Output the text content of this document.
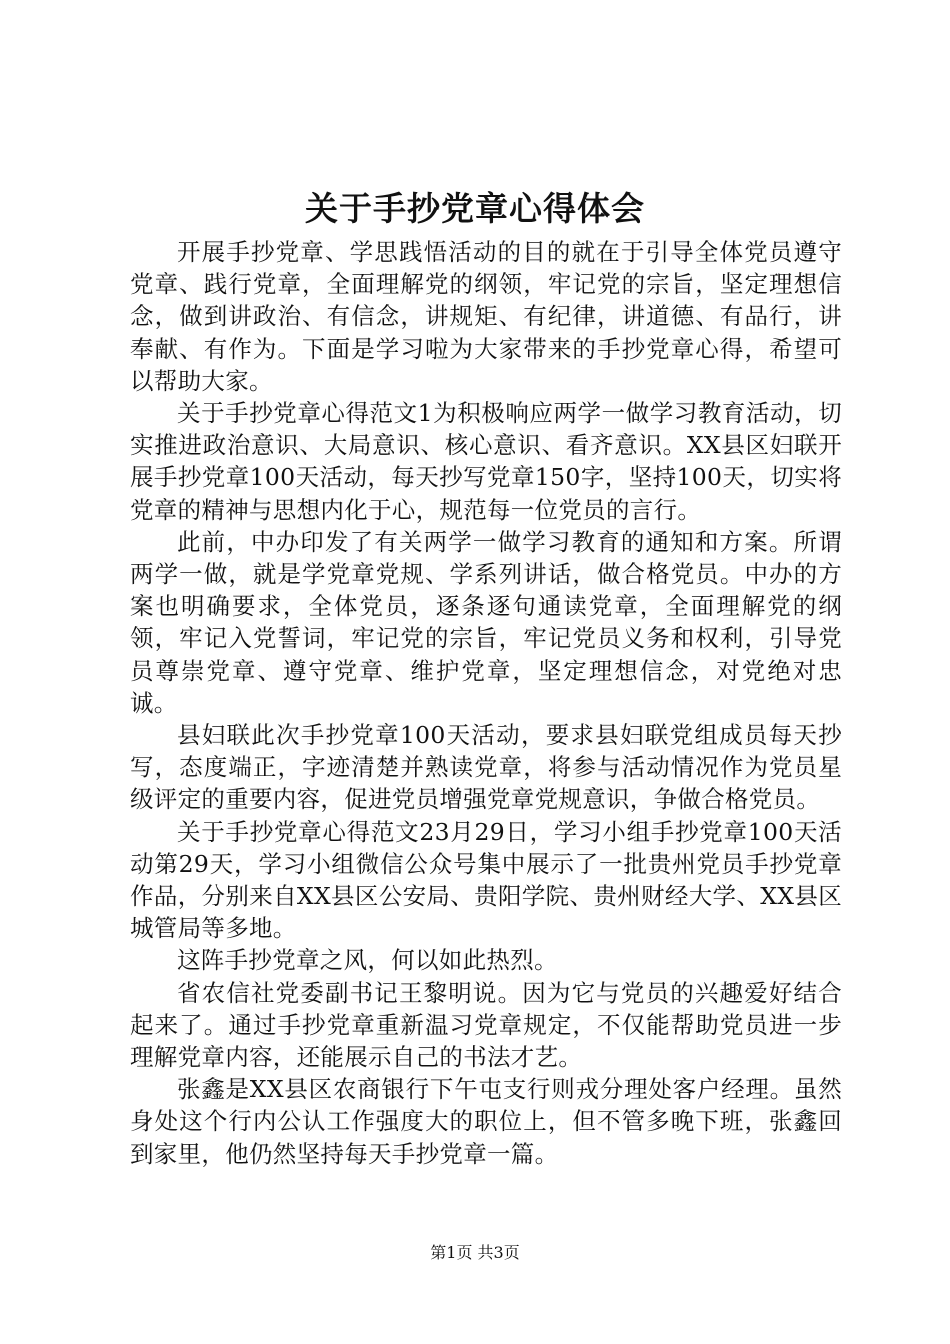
关于手抄党章心得体会

开展手抄党章、学思践悟活动的目的就在于引导全体党员遵守党章、践行党章，全面理解党的纲领，牢记党的宗旨，坚定理想信念，做到讲政治、有信念，讲规矩、有纪律，讲道德、有品行，讲奉献、有作为。下面是学习啦为大家带来的手抄党章心得，希望可以帮助大家。

关于手抄党章心得范文1为积极响应两学一做学习教育活动，切实推进政治意识、大局意识、核心意识、看齐意识。XX县区妇联开展手抄党章100天活动，每天抄写党章150字，坚持100天，切实将党章的精神与思想内化于心，规范每一位党员的言行。

此前，中办印发了有关两学一做学习教育的通知和方案。所谓两学一做，就是学党章党规、学系列讲话，做合格党员。中办的方案也明确要求，全体党员，逐条逐句通读党章，全面理解党的纲领，牢记入党誓词，牢记党的宗旨，牢记党员义务和权利，引导党员尊崇党章、遵守党章、维护党章，坚定理想信念，对党绝对忠诚。

县妇联此次手抄党章100天活动，要求县妇联党组成员每天抄写，态度端正，字迹清楚并熟读党章，将参与活动情况作为党员星级评定的重要内容，促进党员增强党章党规意识，争做合格党员。

关于手抄党章心得范文23月29日，学习小组手抄党章100天活动第29天，学习小组微信公众号集中展示了一批贵州党员手抄党章作品，分别来自XX县区公安局、贵阳学院、贵州财经大学、XX县区城管局等多地。

这阵手抄党章之风，何以如此热烈。

省农信社党委副书记王黎明说。因为它与党员的兴趣爱好结合起来了。通过手抄党章重新温习党章规定，不仅能帮助党员进一步理解党章内容，还能展示自己的书法才艺。

张鑫是XX县区农商银行下午屯支行则戎分理处客户经理。虽然身处这个行内公认工作强度大的职位上，但不管多晚下班，张鑫回到家里，他仍然坚持每天手抄党章一篇。

第1页 共3页
